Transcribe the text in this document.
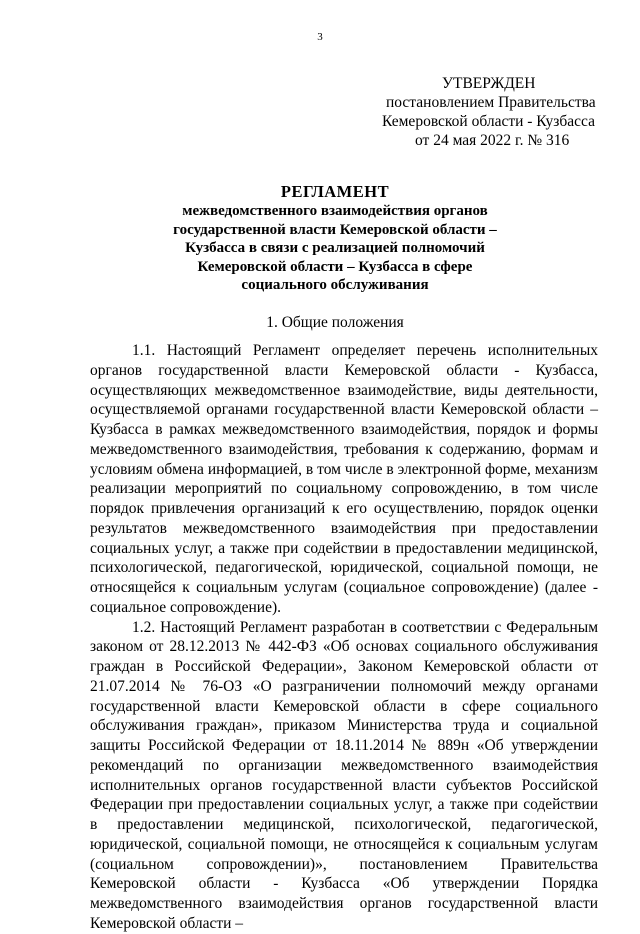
3
УТВЕРЖДЕН
постановлением Правительства
Кемеровской области - Кузбасса
от 24 мая 2022 г. № 316
РЕГЛАМЕНТ
межведомственного взаимодействия органов
государственной власти Кемеровской области –
Кузбасса в связи с реализацией полномочий
Кемеровской области – Кузбасса в сфере
социального обслуживания
1. Общие положения

1.1. Настоящий Регламент определяет перечень исполнительных органов государственной власти Кемеровской области - Кузбасса, осуществляющих межведомственное взаимодействие, виды деятельности, осуществляемой органами государственной власти Кемеровской области – Кузбасса в рамках межведомственного взаимодействия, порядок и формы межведомственного взаимодействия, требования к содержанию, формам и условиям обмена информацией, в том числе в электронной форме, механизм реализации мероприятий по социальному сопровождению, в том числе порядок привлечения организаций к его осуществлению, порядок оценки результатов межведомственного взаимодействия при предоставлении социальных услуг, а также при содействии в предоставлении медицинской, психологической, педагогической, юридической, социальной помощи, не относящейся к социальным услугам (социальное сопровождение) (далее - социальное сопровождение).

1.2. Настоящий Регламент разработан в соответствии с Федеральным законом от 28.12.2013 № 442-ФЗ «Об основах социального обслуживания граждан в Российской Федерации», Законом Кемеровской области от 21.07.2014 № 76-ОЗ «О разграничении полномочий между органами государственной власти Кемеровской области в сфере социального обслуживания граждан», приказом Министерства труда и социальной защиты Российской Федерации от 18.11.2014 № 889н «Об утверждении рекомендаций по организации межведомственного взаимодействия исполнительных органов государственной власти субъектов Российской Федерации при предоставлении социальных услуг, а также при содействии в предоставлении медицинской, психологической, педагогической, юридической, социальной помощи, не относящейся к социальным услугам (социальном сопровождении)», постановлением Правительства Кемеровской области - Кузбасса «Об утверждении Порядка межведомственного взаимодействия органов государственной власти Кемеровской области –
